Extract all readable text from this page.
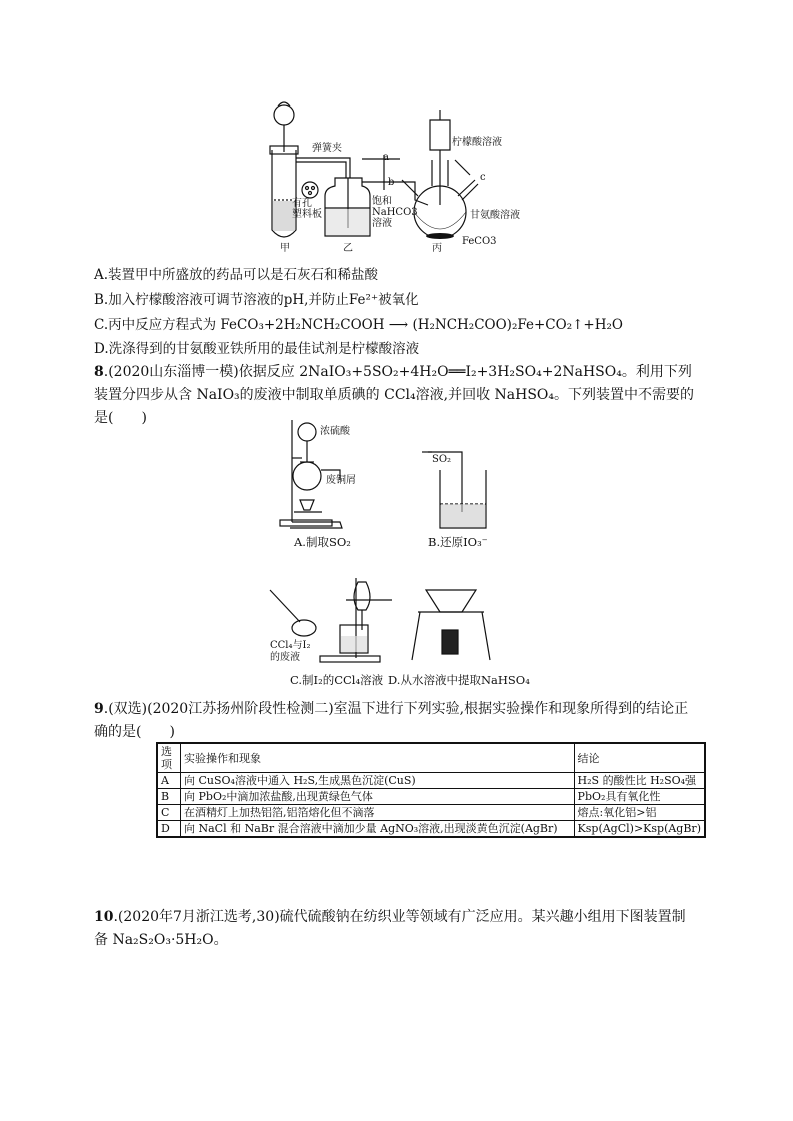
弹簧夹
有孔
塑料板
饱和
NaHCO3
溶液
柠檬酸溶液
甘氨酸溶液
FeCO3
a
b	c
甲	乙	丙
A.装置甲中所盛放的药品可以是石灰石和稀盐酸
B.加入柠檬酸溶液可调节溶液的pH,并防止Fe²⁺被氧化
C.丙中反应方程式为 FeCO₃+2H₂NCH₂COOH ⟶ (H₂NCH₂COO)₂Fe+CO₂↑+H₂O
D.洗涤得到的甘氨酸亚铁所用的最佳试剂是柠檬酸溶液
8.(2020山东淄博一模)依据反应 2NaIO₃+5SO₂+4H₂O══I₂+3H₂SO₄+2NaHSO₄。利用下列装置分四步从含 NaIO₃的废液中制取单质碘的 CCl₄溶液,并回收 NaHSO₄。下列装置中不需要的是(　　)
浓硫酸
废铜屑
SO₂
CCl₄与I₂
的废液
A.制取SO₂	B.还原IO₃⁻
C.制I₂的CCl₄溶液 D.从水溶液中提取NaHSO₄
9.(双选)(2020江苏扬州阶段性检测二)室温下进行下列实验,根据实验操作和现象所得到的结论正确的是(　　)
选项	实验操作和现象	结论
A	向 CuSO₄溶液中通入 H₂S,生成黑色沉淀(CuS)	H₂S 的酸性比 H₂SO₄强
B	向 PbO₂中滴加浓盐酸,出现黄绿色气体	PbO₂具有氧化性
C	在酒精灯上加热铝箔,铝箔熔化但不滴落	熔点:氧化铝>铝
D	向 NaCl 和 NaBr 混合溶液中滴加少量 AgNO₃溶液,出现淡黄色沉淀(AgBr)	Ksp(AgCl)>Ksp(AgBr)
10.(2020年7月浙江选考,30)硫代硫酸钠在纺织业等领域有广泛应用。某兴趣小组用下图装置制备 Na₂S₂O₃·5H₂O。
